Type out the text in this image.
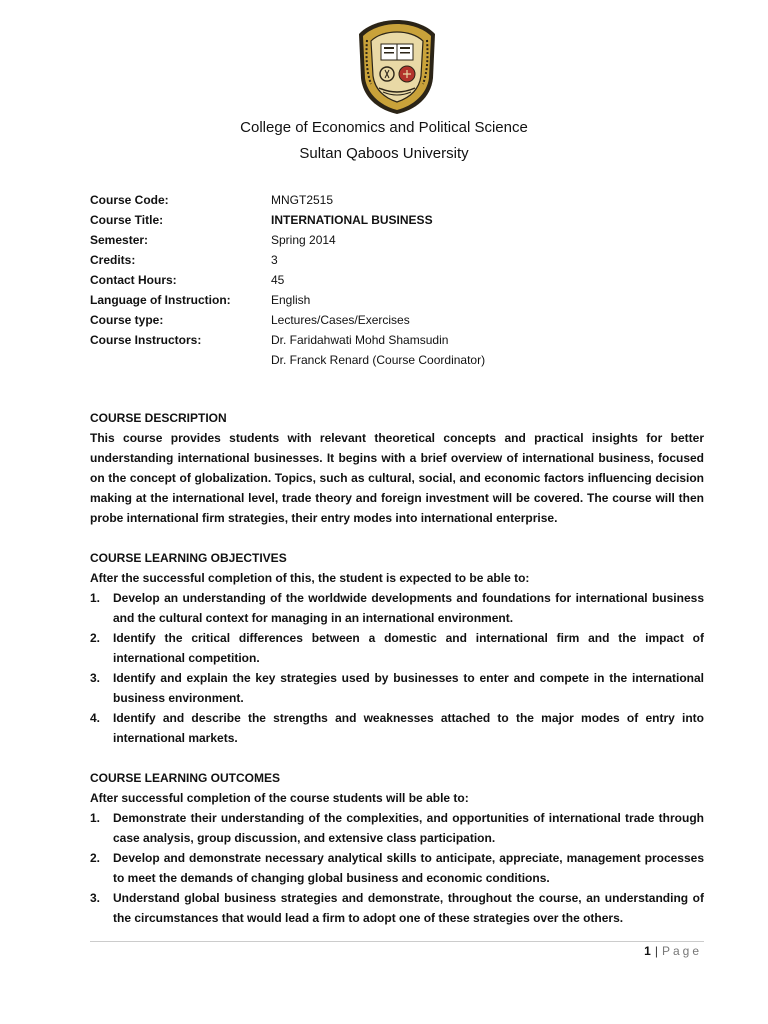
College of Economics and Political Science
Sultan Qaboos University
Course Code:	MNGT2515
Course Title:	INTERNATIONAL BUSINESS
Semester:	Spring 2014
Credits:	3
Contact Hours:	45
Language of Instruction:	English
Course type:	Lectures/Cases/Exercises
Course Instructors:	Dr. Faridahwati Mohd Shamsudin
Dr. Franck Renard (Course Coordinator)
COURSE DESCRIPTION
This course provides students with relevant theoretical concepts and practical insights for better understanding international businesses. It begins with a brief overview of international business, focused on the concept of globalization. Topics, such as cultural, social, and economic factors influencing decision making at the international level, trade theory and foreign investment will be covered. The course will then probe international firm strategies, their entry modes into international enterprise.
COURSE LEARNING OBJECTIVES
After the successful completion of this, the student is expected to be able to:
1. Develop an understanding of the worldwide developments and foundations for international business and the cultural context for managing in an international environment.
2. Identify the critical differences between a domestic and international firm and the impact of international competition.
3. Identify and explain the key strategies used by businesses to enter and compete in the international business environment.
4. Identify and describe the strengths and weaknesses attached to the major modes of entry into international markets.
COURSE LEARNING OUTCOMES
After successful completion of the course students will be able to:
1. Demonstrate their understanding of the complexities, and opportunities of international trade through case analysis, group discussion, and extensive class participation.
2. Develop and demonstrate necessary analytical skills to anticipate, appreciate, management processes to meet the demands of changing global business and economic conditions.
3. Understand global business strategies and demonstrate, throughout the course, an understanding of the circumstances that would lead a firm to adopt one of these strategies over the others.
1 | Page
